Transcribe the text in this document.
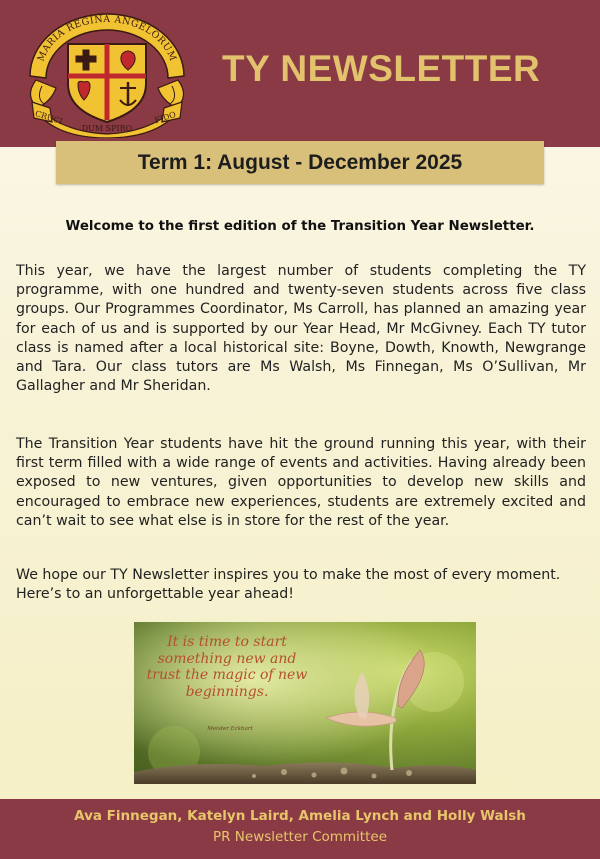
MARIA REGINA ANGELORUM
CRUCI
DUM SPIRO
FIDO
TY NEWSLETTER
Term 1: August - December 2025
Welcome to the first edition of the Transition Year Newsletter.

This year, we have the largest number of students completing the TY programme, with one hundred and twenty-seven students across five class groups. Our Programmes Coordinator, Ms Carroll, has planned an amazing year for each of us and is supported by our Year Head, Mr McGivney. Each TY tutor class is named after a local historical site: Boyne, Dowth, Knowth, Newgrange and Tara. Our class tutors are Ms Walsh, Ms Finnegan, Ms O’Sullivan, Mr Gallagher and Mr Sheridan.

The Transition Year students have hit the ground running this year, with their first term filled with a wide range of events and activities. Having already been exposed to new ventures, given opportunities to develop new skills and encouraged to embrace new experiences, students are extremely excited and can’t wait to see what else is in store for the rest of the year.

We hope our TY Newsletter inspires you to make the most of every moment. Here’s to an unforgettable year ahead!

It is time to start something new and trust the magic of new beginnings.
Meister Eckhart
Ava Finnegan, Katelyn Laird, Amelia Lynch and Holly Walsh
PR Newsletter Committee
